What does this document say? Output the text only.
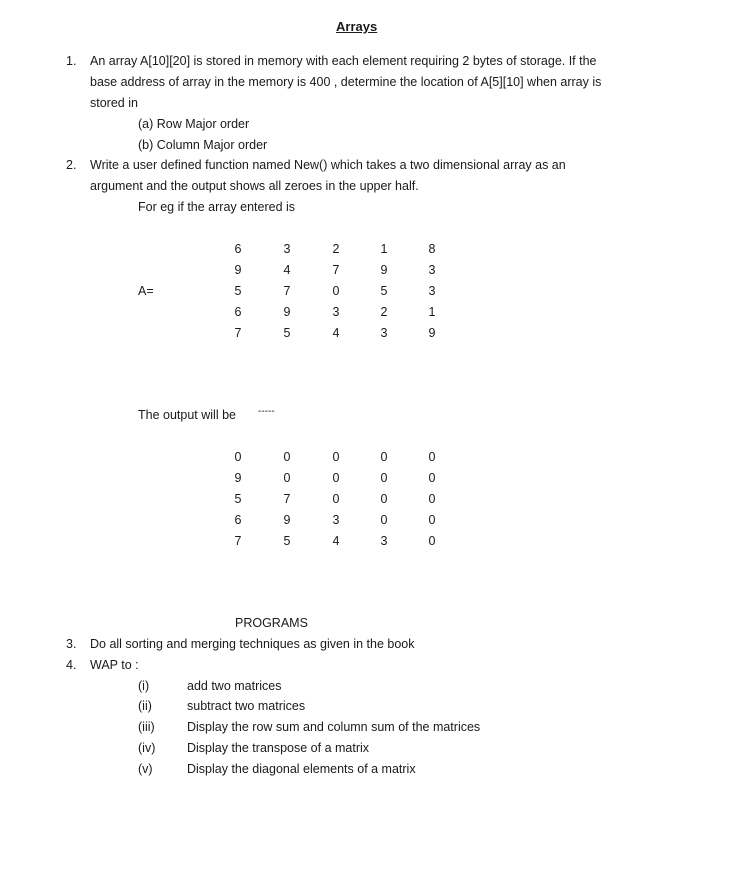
Arrays
1. An array A[10][20] is stored in memory with each element requiring 2 bytes of storage. If the
base address of array in the memory is 400 , determine the location of A[5][10] when array is
stored in
(a) Row Major order
(b) Column Major order
2. Write a user defined function named New() which takes a two dimensional array as an
argument and the output shows all zeroes in the upper half.
For eg if the array entered is
A=
6	3	2	1	8
9	4	7	9	3
5	7	0	5	3
6	9	3	2	1
7	5	4	3	9
The output will be -----
0	0	0	0	0
9	0	0	0	0
5	7	0	0	0
6	9	3	0	0
7	5	4	3	0
PROGRAMS
3. Do all sorting and merging techniques as given in the book
4. WAP to :
(i)	add two matrices
(ii)	subtract two matrices
(iii)	Display the row sum and column sum of the matrices
(iv)	Display the transpose of a matrix
(v)	Display the diagonal elements of a matrix
